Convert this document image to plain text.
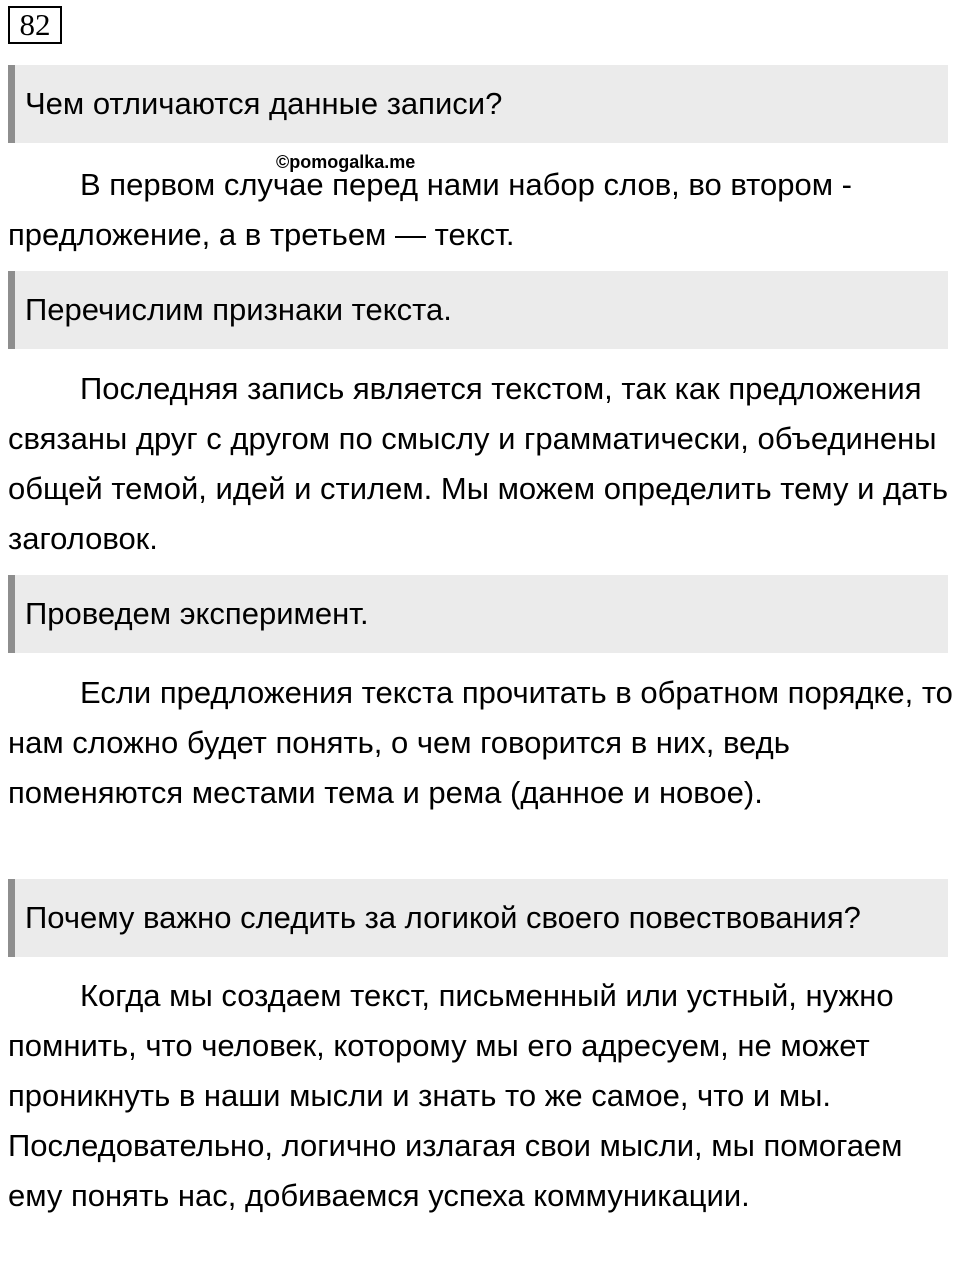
82
Чем отличаются данные записи?

В первом случае перед нами набор слов, во втором - предложение, а в третьем — текст.

Перечислим признаки текста.

Последняя запись является текстом, так как предложения связаны друг с другом по смыслу и грамматически, объединены общей темой, идей и стилем. Мы можем определить тему и дать заголовок.

Проведем эксперимент.

Если предложения текста прочитать в обратном порядке, то нам сложно будет понять, о чем говорится в них, ведь поменяются местами тема и рема (данное и новое).

Почему важно следить за логикой своего повествования?

Когда мы создаем текст, письменный или устный, нужно помнить, что человек, которому мы его адресуем, не может проникнуть в наши мысли и знать то же самое, что и мы. Последовательно, логично излагая свои мысли, мы помогаем ему понять нас, добиваемся успеха коммуникации.

©pomogalka.me
